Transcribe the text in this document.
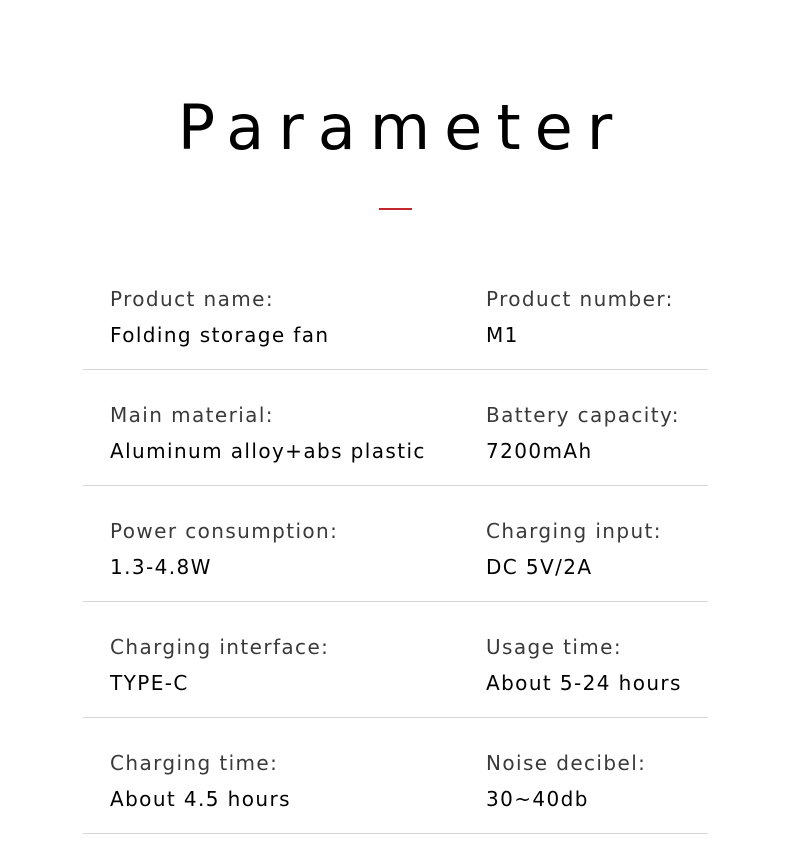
Parameter
Product name:
Folding storage fan
Product number:
M1
Main material:
Aluminum alloy+abs plastic
Battery capacity:
7200mAh
Power consumption:
1.3-4.8W
Charging input:
DC 5V/2A
Charging interface:
TYPE-C
Usage time:
About 5-24 hours
Charging time:
About 4.5 hours
Noise decibel:
30~40db
